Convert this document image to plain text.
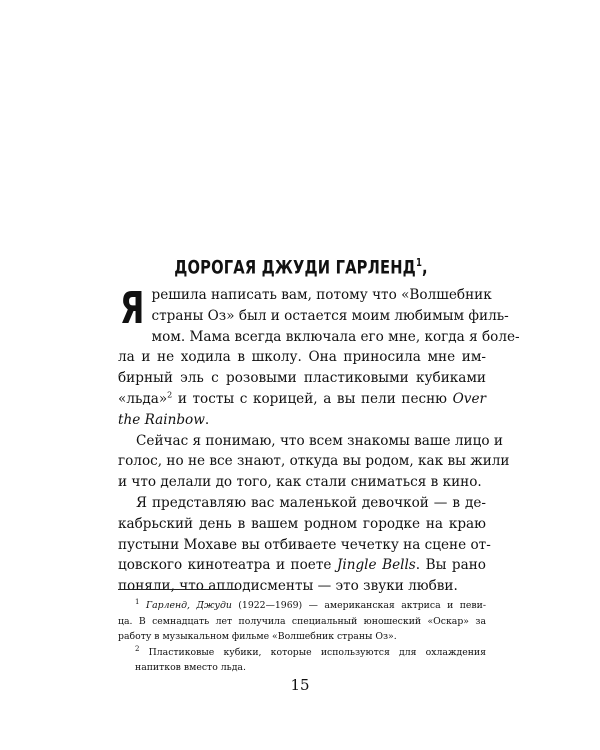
ДОРОГАЯ ДЖУДИ ГАРЛЕНД$^1$,
Я решила написать вам, потому что «Волшебник
страны Оз» был и остается моим любимым филь-
мом. Мама всегда включала его мне, когда я боле-
ла и не ходила в школу. Она приносила мне им-
бирный эль с розовыми пластиковыми кубиками
«льда»$^2$ и тосты с корицей, а вы пели песню Over
the Rainbow.
Сейчас я понимаю, что всем знакомы ваше лицо и
голос, но не все знают, откуда вы родом, как вы жили
и что делали до того, как стали сниматься в кино.
Я представляю вас маленькой девочкой — в де-
кабрьский день в вашем родном городке на краю
пустыни Мохаве вы отбиваете чечетку на сцене от-
цовского кинотеатра и поете Jingle Bells. Вы рано
поняли, что аплодисменты — это звуки любви.
$^1$ Гарленд, Джуди (1922—1969) — американская актриса и певи-
ца. В семнадцать лет получила специальный юношеский «Оскар» за
работу в музыкальном фильме «Волшебник страны Оз».
$^2$ Пластиковые кубики, которые используются для охлаждения
напитков вместо льда.
15
